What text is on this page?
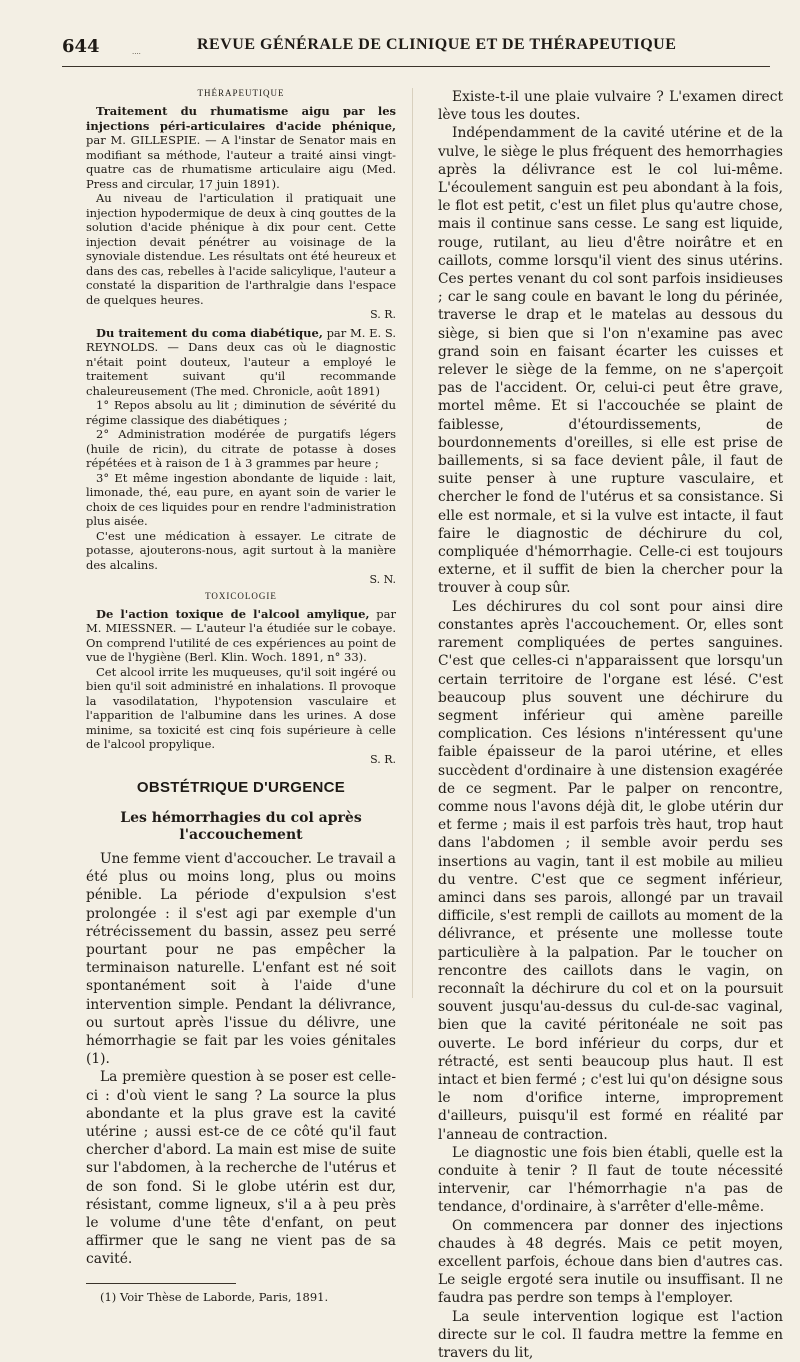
....
644	REVUE GÉNÉRALE DE CLINIQUE ET DE THÉRAPEUTIQUE
THÉRAPEUTIQUE

Traitement du rhumatisme aigu par les injections péri-articulaires d'acide phénique, par M. GILLESPIE. — A l'instar de Senator mais en modifiant sa méthode, l'auteur a traité ainsi vingt-quatre cas de rhumatisme articulaire aigu (Med. Press and circular, 17 juin 1891).

Au niveau de l'articulation il pratiquait une injection hypodermique de deux à cinq gouttes de la solution d'acide phénique à dix pour cent. Cette injection devait pénétrer au voisinage de la synoviale distendue. Les résultats ont été heureux et dans des cas, rebelles à l'acide salicylique, l'auteur a constaté la disparition de l'arthralgie dans l'espace de quelques heures.

S. R.

Du traitement du coma diabétique, par M. E. S. REYNOLDS. — Dans deux cas où le diagnostic n'était point douteux, l'auteur a employé le traitement suivant qu'il recommande chaleureusement (The med. Chronicle, août 1891)

1° Repos absolu au lit ; diminution de sévérité du régime classique des diabétiques ;

2° Administration modérée de purgatifs légers (huile de ricin), du citrate de potasse à doses répétées et à raison de 1 à 3 grammes par heure ;

3° Et même ingestion abondante de liquide : lait, limonade, thé, eau pure, en ayant soin de varier le choix de ces liquides pour en rendre l'administration plus aisée.

C'est une médication à essayer. Le citrate de potasse, ajouterons-nous, agit surtout à la manière des alcalins.

S. N.
TOXICOLOGIE

De l'action toxique de l'alcool amylique, par M. MIESSNER. — L'auteur l'a étudiée sur le cobaye. On comprend l'utilité de ces expériences au point de vue de l'hygiène (Berl. Klin. Woch. 1891, n° 33).

Cet alcool irrite les muqueuses, qu'il soit ingéré ou bien qu'il soit administré en inhalations. Il provoque la vasodilatation, l'hypotension vasculaire et l'apparition de l'albumine dans les urines. A dose minime, sa toxicité est cinq fois supérieure à celle de l'alcool propylique.

S. R.
OBSTÉTRIQUE D'URGENCE
Les hémorrhagies du col après l'accouchement

Une femme vient d'accoucher. Le travail a été plus ou moins long, plus ou moins pénible. La période d'expulsion s'est prolongée : il s'est agi par exemple d'un rétrécissement du bassin, assez peu serré pourtant pour ne pas empêcher la terminaison naturelle. L'enfant est né soit spontanément soit à l'aide d'une intervention simple. Pendant la délivrance, ou surtout après l'issue du délivre, une hémorrhagie se fait par les voies génitales (1).

La première question à se poser est celle-ci : d'où vient le sang ? La source la plus abondante et la plus grave est la cavité utérine ; aussi est-ce de ce côté qu'il faut chercher d'abord. La main est mise de suite sur l'abdomen, à la recherche de l'utérus et de son fond. Si le globe utérin est dur, résistant, comme ligneux, s'il a à peu près le volume d'une tête d'enfant, on peut affirmer que le sang ne vient pas de sa cavité.

(1) Voir Thèse de Laborde, Paris, 1891.

Existe-t-il une plaie vulvaire ? L'examen direct lève tous les doutes.

Indépendamment de la cavité utérine et de la vulve, le siège le plus fréquent des hemorrhagies après la délivrance est le col lui-même. L'écoulement sanguin est peu abondant à la fois, le flot est petit, c'est un filet plus qu'autre chose, mais il continue sans cesse. Le sang est liquide, rouge, rutilant, au lieu d'être noirâtre et en caillots, comme lorsqu'il vient des sinus utérins. Ces pertes venant du col sont parfois insidieuses ; car le sang coule en bavant le long du périnée, traverse le drap et le matelas au dessous du siège, si bien que si l'on n'examine pas avec grand soin en faisant écarter les cuisses et relever le siège de la femme, on ne s'aperçoit pas de l'accident. Or, celui-ci peut être grave, mortel même. Et si l'accouchée se plaint de faiblesse, d'étourdissements, de bourdonnements d'oreilles, si elle est prise de baillements, si sa face devient pâle, il faut de suite penser à une rupture vasculaire, et chercher le fond de l'utérus et sa consistance. Si elle est normale, et si la vulve est intacte, il faut faire le diagnostic de déchirure du col, compliquée d'hémorrhagie. Celle-ci est toujours externe, et il suffit de bien la chercher pour la trouver à coup sûr.

Les déchirures du col sont pour ainsi dire constantes après l'accouchement. Or, elles sont rarement compliquées de pertes sanguines. C'est que celles-ci n'apparaissent que lorsqu'un certain territoire de l'organe est lésé. C'est beaucoup plus souvent une déchirure du segment inférieur qui amène pareille complication. Ces lésions n'intéressent qu'une faible épaisseur de la paroi utérine, et elles succèdent d'ordinaire à une distension exagérée de ce segment. Par le palper on rencontre, comme nous l'avons déjà dit, le globe utérin dur et ferme ; mais il est parfois très haut, trop haut dans l'abdomen ; il semble avoir perdu ses insertions au vagin, tant il est mobile au milieu du ventre. C'est que ce segment inférieur, aminci dans ses parois, allongé par un travail difficile, s'est rempli de caillots au moment de la délivrance, et présente une mollesse toute particulière à la palpation. Par le toucher on rencontre des caillots dans le vagin, on reconnaît la déchirure du col et on la poursuit souvent jusqu'au-dessus du cul-de-sac vaginal, bien que la cavité péritonéale ne soit pas ouverte. Le bord inférieur du corps, dur et rétracté, est senti beaucoup plus haut. Il est intact et bien fermé ; c'est lui qu'on désigne sous le nom d'orifice interne, improprement d'ailleurs, puisqu'il est formé en réalité par l'anneau de contraction.

Le diagnostic une fois bien établi, quelle est la conduite à tenir ? Il faut de toute nécessité intervenir, car l'hémorrhagie n'a pas de tendance, d'ordinaire, à s'arrêter d'elle-même.

On commencera par donner des injections chaudes à 48 degrés. Mais ce petit moyen, excellent parfois, échoue dans bien d'autres cas. Le seigle ergoté sera inutile ou insuffisant. Il ne faudra pas perdre son temps à l'employer.

La seule intervention logique est l'action directe sur le col. Il faudra mettre la femme en travers du lit,
